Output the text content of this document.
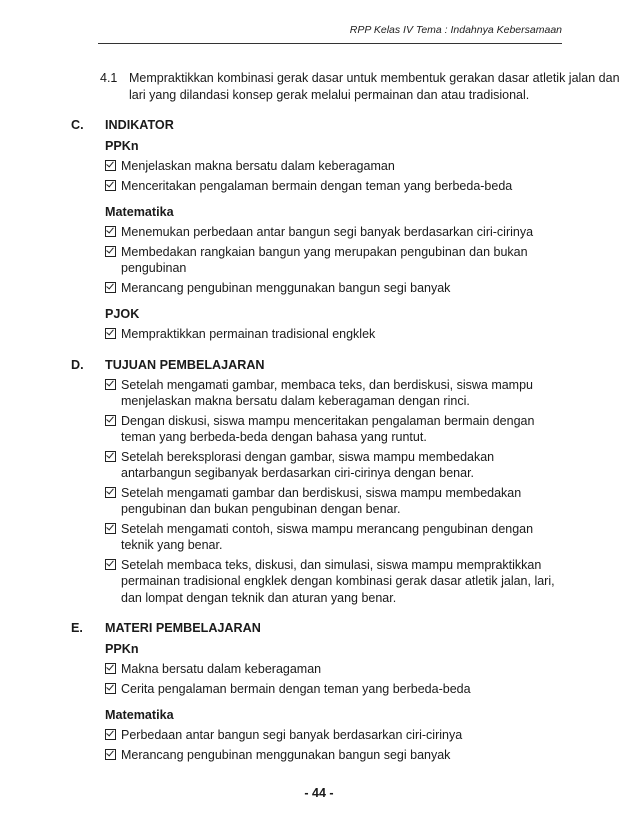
RPP Kelas IV Tema : Indahnya Kebersamaan
4.1 Mempraktikkan kombinasi gerak dasar untuk membentuk gerakan dasar atletik jalan dan lari yang dilandasi konsep gerak melalui permainan dan atau tradisional.
C. INDIKATOR
PPKn
Menjelaskan makna bersatu dalam keberagaman
Menceritakan pengalaman bermain dengan teman yang berbeda-beda
Matematika
Menemukan perbedaan antar bangun segi banyak berdasarkan ciri-cirinya
Membedakan rangkaian bangun yang merupakan pengubinan dan bukan pengubinan
Merancang pengubinan menggunakan bangun segi banyak
PJOK
Mempraktikkan permainan tradisional engklek
D. TUJUAN PEMBELAJARAN
Setelah mengamati gambar, membaca teks, dan berdiskusi, siswa mampu menjelaskan makna bersatu dalam keberagaman dengan rinci.
Dengan diskusi, siswa mampu menceritakan pengalaman bermain dengan teman yang berbeda-beda dengan bahasa yang runtut.
Setelah bereksplorasi dengan gambar, siswa mampu membedakan antarbangun segibanyak berdasarkan ciri-cirinya dengan benar.
Setelah mengamati gambar dan berdiskusi, siswa mampu membedakan pengubinan dan bukan pengubinan dengan benar.
Setelah mengamati contoh, siswa mampu merancang pengubinan dengan teknik yang benar.
Setelah membaca teks, diskusi, dan simulasi, siswa mampu mempraktikkan permainan tradisional engklek dengan kombinasi gerak dasar atletik jalan, lari, dan lompat dengan teknik dan aturan yang benar.
E. MATERI PEMBELAJARAN
PPKn
Makna bersatu dalam keberagaman
Cerita pengalaman bermain dengan teman yang berbeda-beda
Matematika
Perbedaan antar bangun segi banyak berdasarkan ciri-cirinya
Merancang pengubinan menggunakan bangun segi banyak
- 44 -
